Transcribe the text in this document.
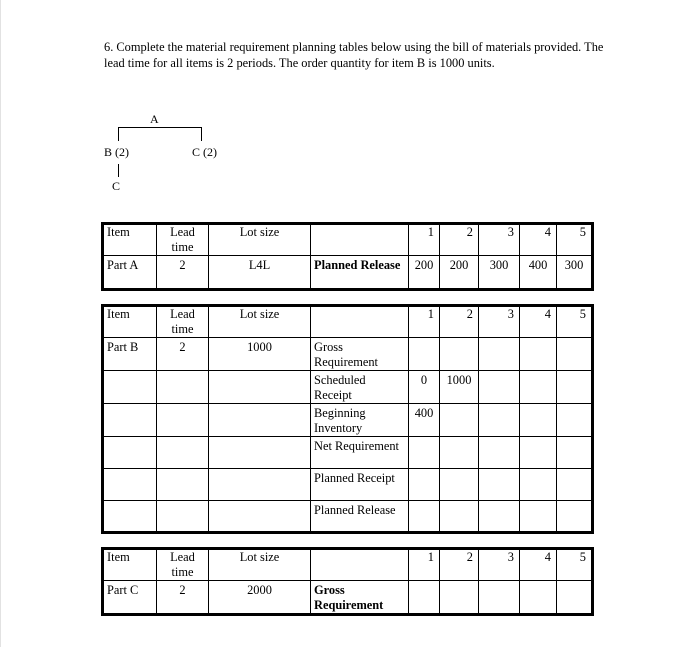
6. Complete the material requirement planning tables below using the bill of materials provided. The lead time for all items is 2 periods. The order quantity for item B is 1000 units.
A
B (2)	C (2)
C
Item	Lead time	Lot size		1	2	3	4	5
Part A	2	L4L	Planned Release	200	200	300	400	300
Item	Lead time	Lot size		1	2	3	4	5
Part B	2	1000	Gross Requirement					
			Scheduled Receipt	0	1000			
			Beginning Inventory	400				
			Net Requirement					
			Planned Receipt					
			Planned Release					
Item	Lead time	Lot size		1	2	3	4	5
Part C	2	2000	Gross Requirement					
